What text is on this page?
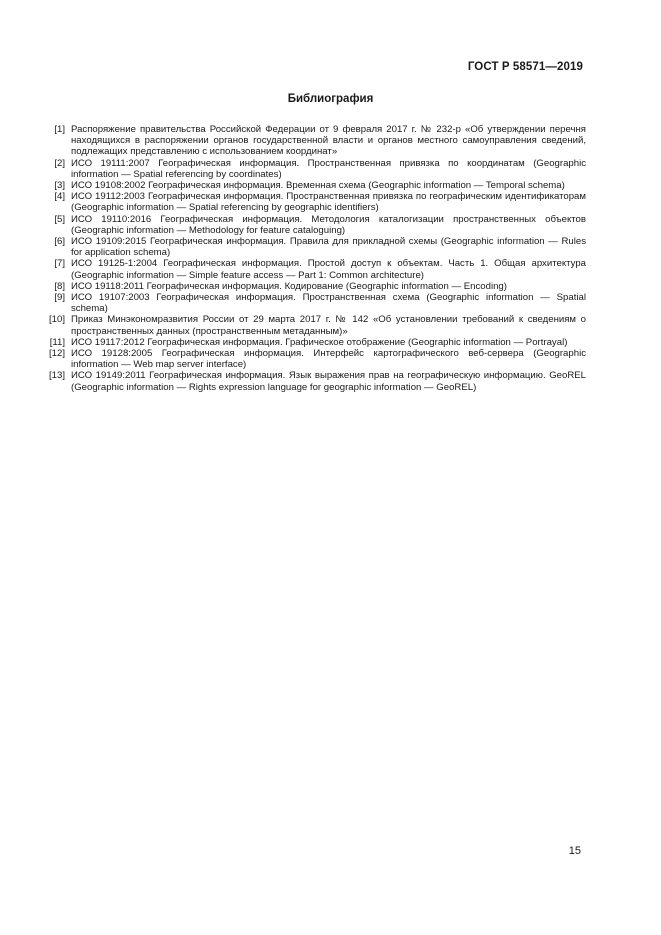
ГОСТ Р 58571—2019
Библиография
[1] Распоряжение правительства Российской Федерации от 9 февраля 2017 г. № 232-р «Об утверждении перечня находящихся в распоряжении органов государственной власти и органов местного самоуправления сведений, подлежащих представлению с использованием координат»
[2] ИСО 19111:2007 Географическая информация. Пространственная привязка по координатам (Geographic information — Spatial referencing by coordinates)
[3] ИСО 19108:2002 Географическая информация. Временная схема (Geographic information — Temporal schema)
[4] ИСО 19112:2003 Географическая информация. Пространственная привязка по географическим идентификаторам (Geographic information — Spatial referencing by geographic identifiers)
[5] ИСО 19110:2016 Географическая информация. Методология каталогизации пространственных объектов (Geographic information — Methodology for feature cataloguing)
[6] ИСО 19109:2015 Географическая информация. Правила для прикладной схемы (Geographic information — Rules for application schema)
[7] ИСО 19125-1:2004 Географическая информация. Простой доступ к объектам. Часть 1. Общая архитектура (Geographic information — Simple feature access — Part 1: Common architecture)
[8] ИСО 19118:2011 Географическая информация. Кодирование (Geographic information — Encoding)
[9] ИСО 19107:2003 Географическая информация. Пространственная схема (Geographic information — Spatial schema)
[10] Приказ Минэкономразвития России от 29 марта 2017 г. № 142 «Об установлении требований к сведениям о пространственных данных (пространственным метаданным)»
[11] ИСО 19117:2012 Географическая информация. Графическое отображение (Geographic information — Portrayal)
[12] ИСО 19128:2005 Географическая информация. Интерфейс картографического веб-сервера (Geographic information — Web map server interface)
[13] ИСО 19149:2011 Географическая информация. Язык выражения прав на географическую информацию. GeoREL (Geographic information — Rights expression language for geographic information — GeoREL)
15
